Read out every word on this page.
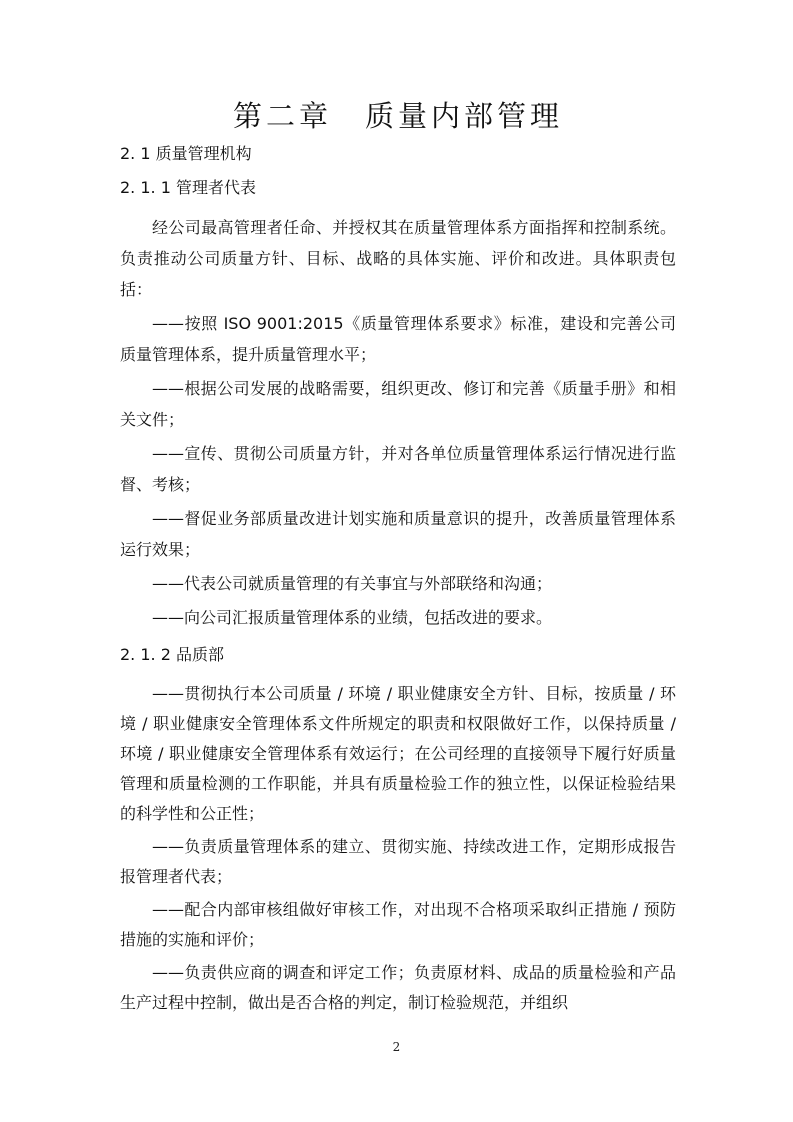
第二章　质量内部管理
2. 1 质量管理机构
2. 1. 1 管理者代表

经公司最高管理者任命、并授权其在质量管理体系方面指挥和控制系统。负责推动公司质量方针、目标、战略的具体实施、评价和改进。具体职责包括：

——按照 ISO 9001:2015《质量管理体系要求》标准，建设和完善公司质量管理体系，提升质量管理水平；

——根据公司发展的战略需要，组织更改、修订和完善《质量手册》和相关文件；

——宣传、贯彻公司质量方针，并对各单位质量管理体系运行情况进行监督、考核；

——督促业务部质量改进计划实施和质量意识的提升，改善质量管理体系运行效果；

——代表公司就质量管理的有关事宜与外部联络和沟通；

——向公司汇报质量管理体系的业绩，包括改进的要求。

2. 1. 2 品质部

——贯彻执行本公司质量 / 环境 / 职业健康安全方针、目标，按质量 / 环境 / 职业健康安全管理体系文件所规定的职责和权限做好工作，以保持质量 / 环境 / 职业健康安全管理体系有效运行；在公司经理的直接领导下履行好质量管理和质量检测的工作职能，并具有质量检验工作的独立性，以保证检验结果的科学性和公正性；

——负责质量管理体系的建立、贯彻实施、持续改进工作，定期形成报告报管理者代表；

——配合内部审核组做好审核工作，对出现不合格项采取纠正措施 / 预防措施的实施和评价；

——负责供应商的调查和评定工作；负责原材料、成品的质量检验和产品生产过程中控制，做出是否合格的判定，制订检验规范，并组织

2
